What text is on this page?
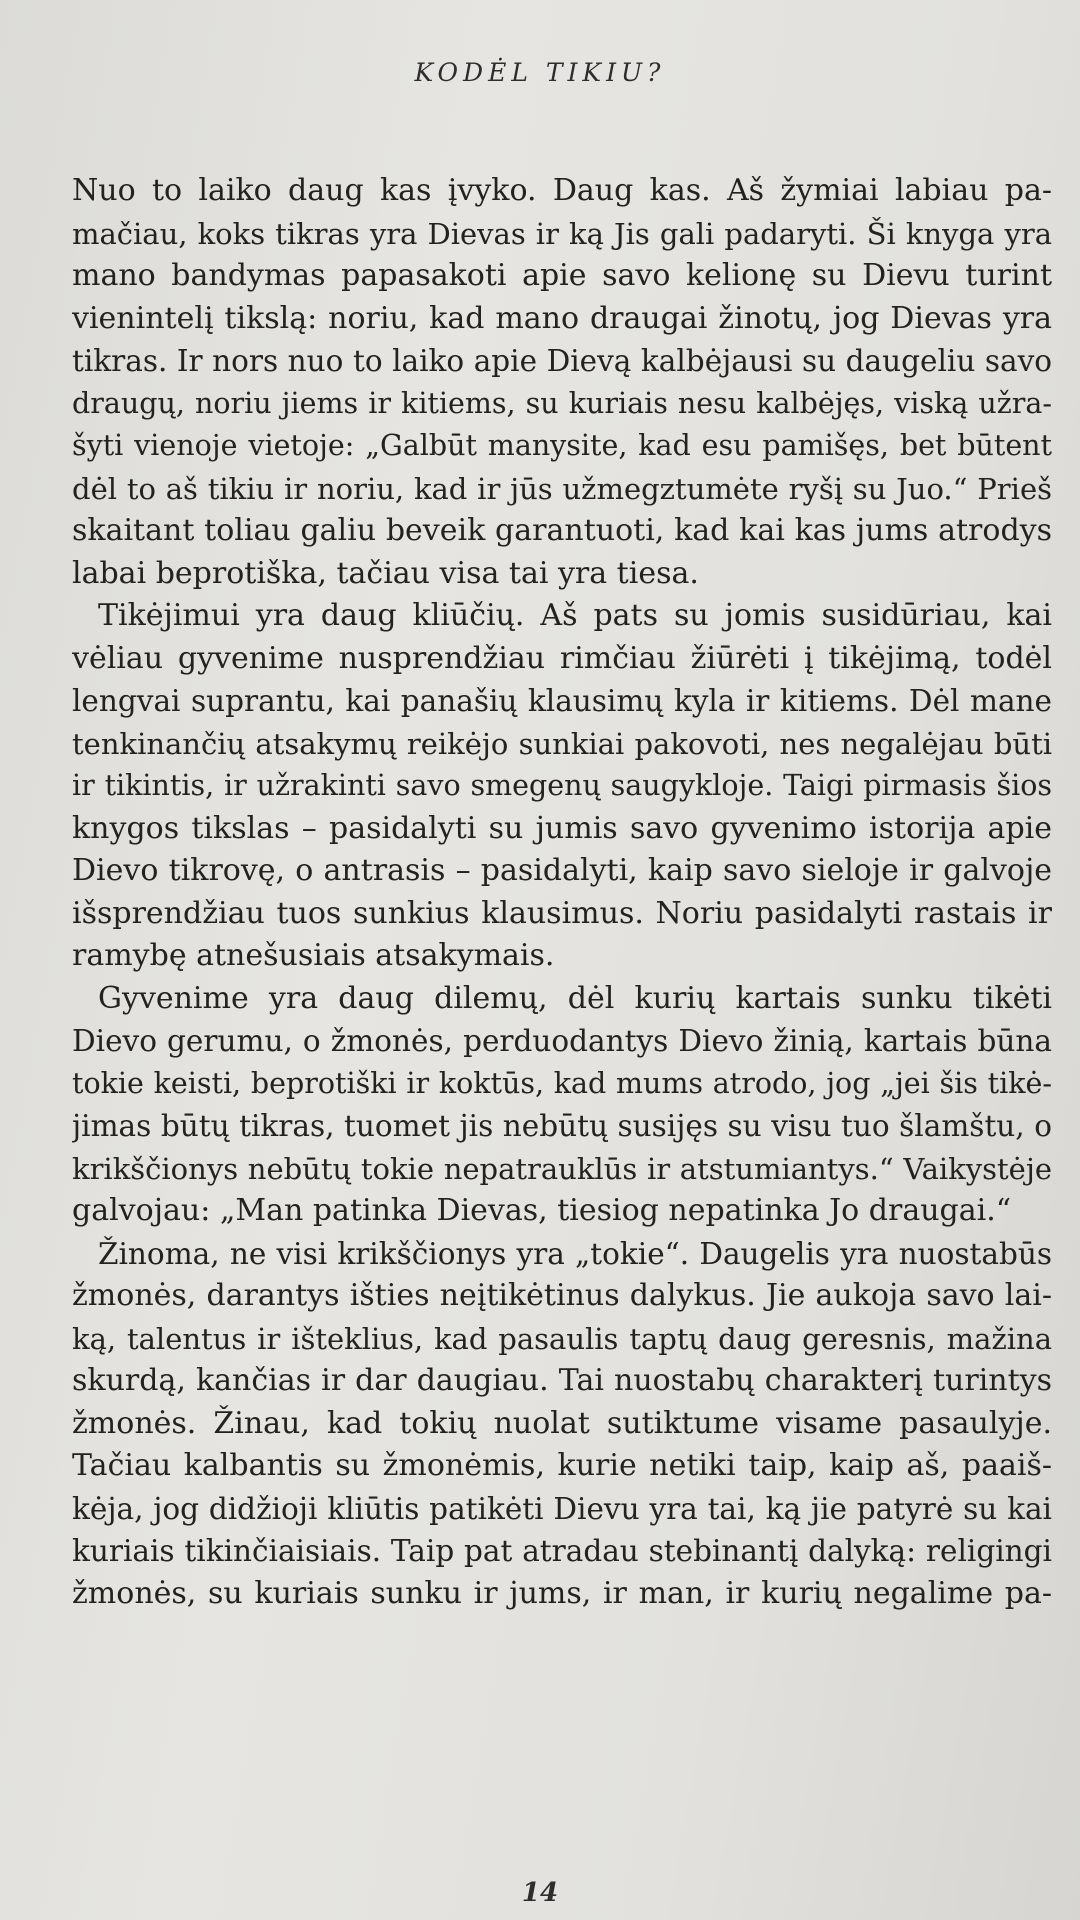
KODĖL TIKIU?
Nuo to laiko daug kas įvyko. Daug kas. Aš žymiai labiau pa-
mačiau, koks tikras yra Dievas ir ką Jis gali padaryti. Ši knyga yra
mano bandymas papasakoti apie savo kelionę su Dievu turint
vienintelį tikslą: noriu, kad mano draugai žinotų, jog Dievas yra
tikras. Ir nors nuo to laiko apie Dievą kalbėjausi su daugeliu savo
draugų, noriu jiems ir kitiems, su kuriais nesu kalbėjęs, viską užra-
šyti vienoje vietoje: „Galbūt manysite, kad esu pamišęs, bet būtent
dėl to aš tikiu ir noriu, kad ir jūs užmegztumėte ryšį su Juo.“ Prieš
skaitant toliau galiu beveik garantuoti, kad kai kas jums atrodys
labai beprotiška, tačiau visa tai yra tiesa.
Tikėjimui yra daug kliūčių. Aš pats su jomis susidūriau, kai
vėliau gyvenime nusprendžiau rimčiau žiūrėti į tikėjimą, todėl
lengvai suprantu, kai panašių klausimų kyla ir kitiems. Dėl mane
tenkinančių atsakymų reikėjo sunkiai pakovoti, nes negalėjau būti
ir tikintis, ir užrakinti savo smegenų saugykloje. Taigi pirmasis šios
knygos tikslas – pasidalyti su jumis savo gyvenimo istorija apie
Dievo tikrovę, o antrasis – pasidalyti, kaip savo sieloje ir galvoje
išsprendžiau tuos sunkius klausimus. Noriu pasidalyti rastais ir
ramybę atnešusiais atsakymais.
Gyvenime yra daug dilemų, dėl kurių kartais sunku tikėti
Dievo gerumu, o žmonės, perduodantys Dievo žinią, kartais būna
tokie keisti, beprotiški ir koktūs, kad mums atrodo, jog „jei šis tikė-
jimas būtų tikras, tuomet jis nebūtų susijęs su visu tuo šlamštu, o
krikščionys nebūtų tokie nepatrauklūs ir atstumiantys.“ Vaikystėje
galvojau: „Man patinka Dievas, tiesiog nepatinka Jo draugai.“
Žinoma, ne visi krikščionys yra „tokie“. Daugelis yra nuostabūs
žmonės, darantys išties neįtikėtinus dalykus. Jie aukoja savo lai-
ką, talentus ir išteklius, kad pasaulis taptų daug geresnis, mažina
skurdą, kančias ir dar daugiau. Tai nuostabų charakterį turintys
žmonės. Žinau, kad tokių nuolat sutiktume visame pasaulyje.
Tačiau kalbantis su žmonėmis, kurie netiki taip, kaip aš, paaiš-
kėja, jog didžioji kliūtis patikėti Dievu yra tai, ką jie patyrė su kai
kuriais tikinčiaisiais. Taip pat atradau stebinantį dalyką: religingi
žmonės, su kuriais sunku ir jums, ir man, ir kurių negalime pa-
14
